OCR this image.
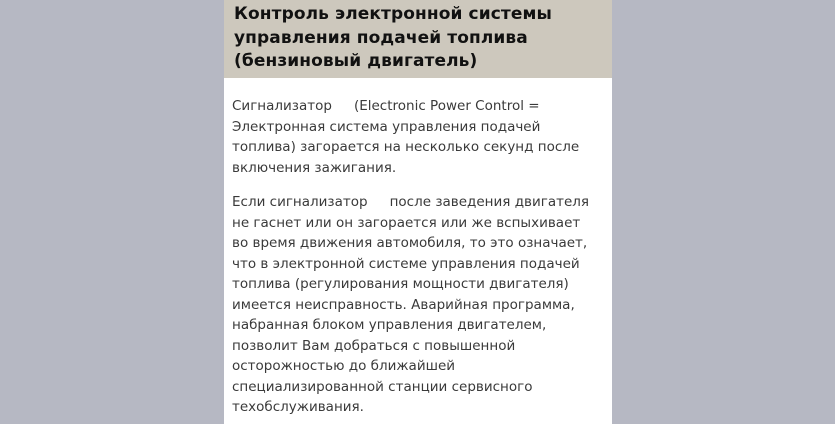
Контроль электронной системы
управления подачей топлива
(бензиновый двигатель)
Сигнализатор (Electronic Power Control =
Электронная система управления подачей
топлива) загорается на несколько секунд после
включения зажигания.
Если сигнализатор после заведения двигателя
не гаснет или он загорается или же вспыхивает
во время движения автомобиля, то это означает,
что в электронной системе управления подачей
топлива (регулирования мощности двигателя)
имеется неисправность. Аварийная программа,
набранная блоком управления двигателем,
позволит Вам добраться с повышенной
осторожностью до ближайшей
специализированной станции сервисного
техобслуживания.
